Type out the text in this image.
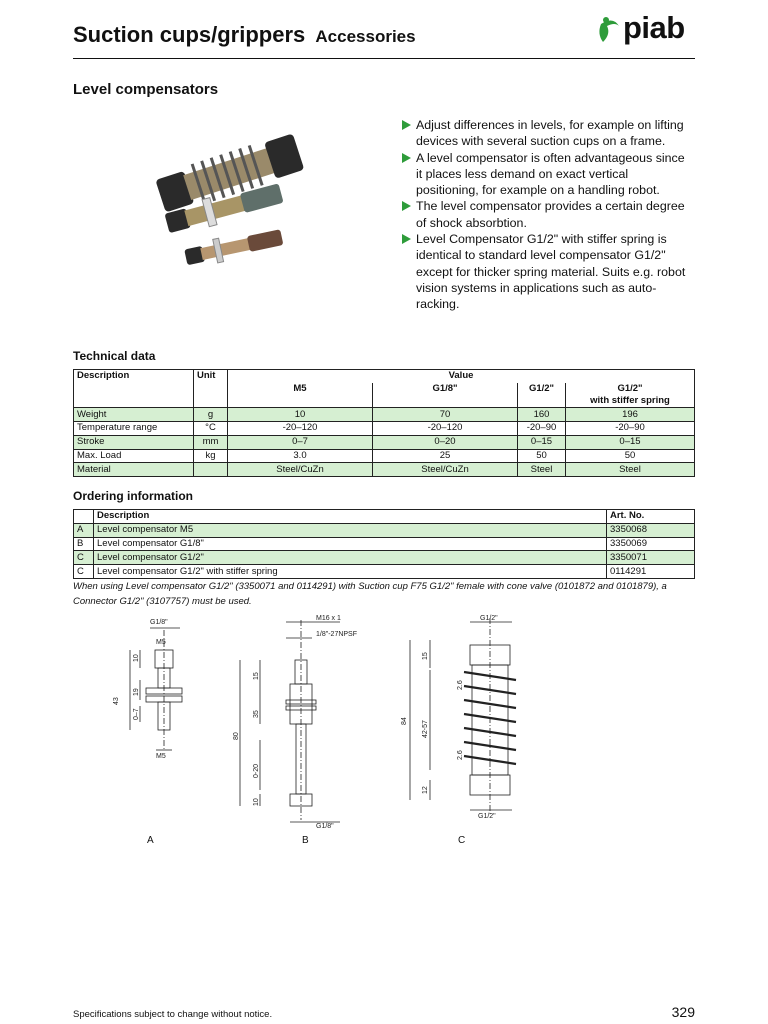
Suction cups/grippers Accessories	piab
Level compensators
Adjust differences in levels, for example on lifting devices with several suction cups on a frame.
A level compensator is often advantageous since it places less demand on exact vertical positioning, for example on a handling robot.
The level compensator provides a certain degree of shock absorbtion.
Level Compensator G1/2" with stiffer spring is identical to standard level compensator G1/2" except for thicker spring material. Suits e.g. robot vision systems in applications such as auto-racking.
Technical data
Description	Unit	Value			
		M5	G1/8"	G1/2"	G1/2"
with stiffer spring
Weight	g	10	70	160	196
Temperature range	°C	-20–120	-20–120	-20–90	-20–90
Stroke	mm	0–7	0–20	0–15	0–15
Max. Load	kg	3.0	25	50	50
Material		Steel/CuZn	Steel/CuZn	Steel	Steel
Ordering information
	Description	Art. No.
A	Level compensator M5	3350068
B	Level compensator G1/8"	3350069
C	Level compensator G1/2"	3350071
C	Level compensator G1/2" with stiffer spring	0114291
When using Level compensator G1/2" (3350071 and 0114291) with Suction cup F75 G1/2" female with cone valve (0101872 and 0101879), a Connector G1/2" (3107757) must be used.
G1/8"
M5
10
19
0–7
43
M5
M16 x 1
1/8"-27NPSF
15
35
0-20
10
80
G1/8"
G1/2"
15
2.6
42-57
2.6
12
84
G1/2"
A	B	C
Specifications subject to change without notice.	329
